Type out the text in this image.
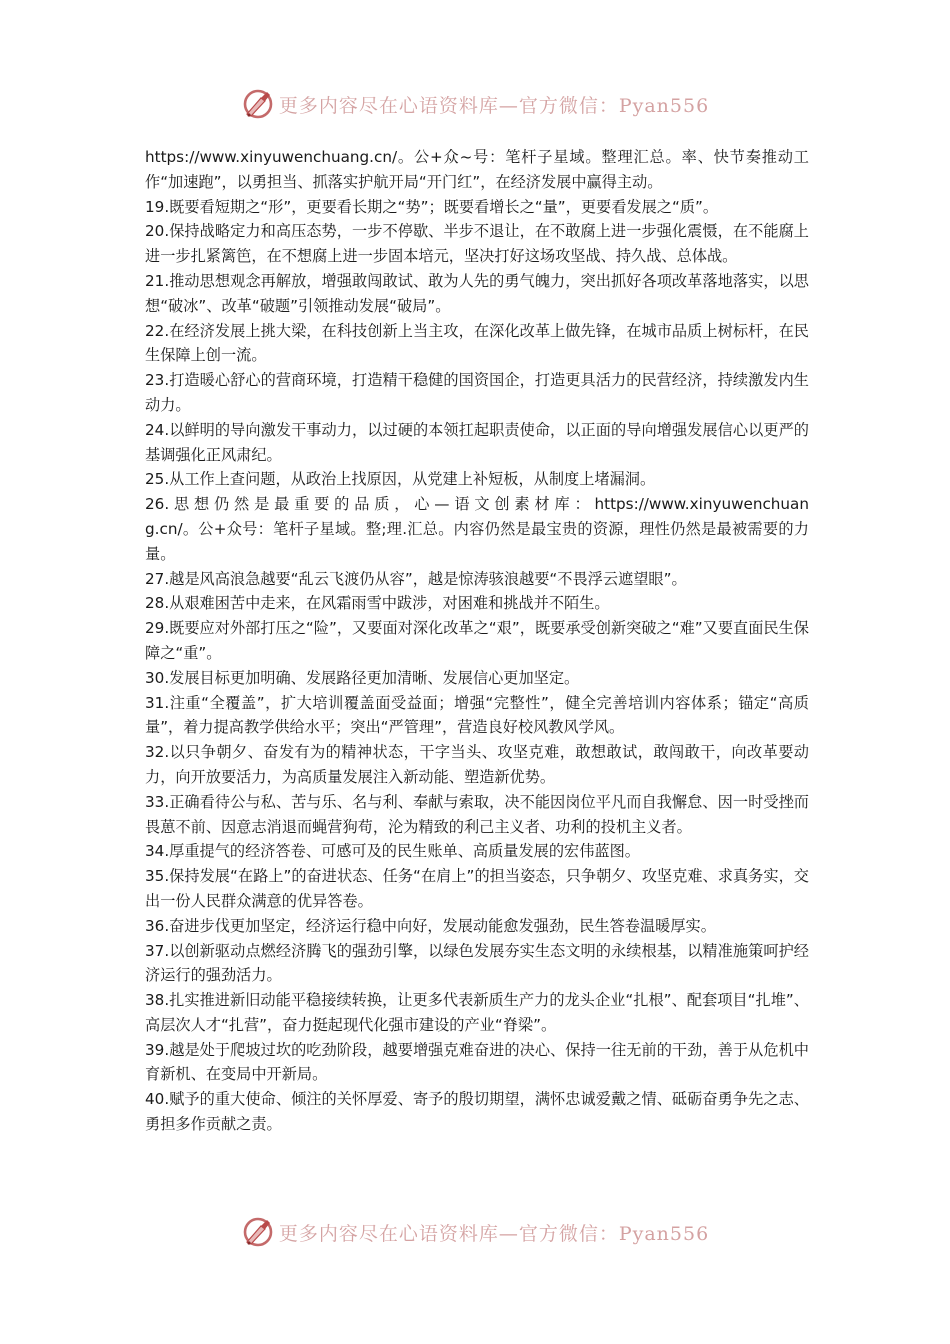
更多内容尽在心语资料库—官方微信：Pyan556

https://www.xinyuwenchuang.cn/。公+众~号：笔杆子星域。整理汇总。率、快节奏推动工作“加速跑”，以勇担当、抓落实护航开局“开门红”，在经济发展中赢得主动。

19.既要看短期之“形”，更要看长期之“势”；既要看增长之“量”，更要看发展之“质”。

20.保持战略定力和高压态势，一步不停歇、半步不退让，在不敢腐上进一步强化震慑，在不能腐上进一步扎紧篱笆，在不想腐上进一步固本培元，坚决打好这场攻坚战、持久战、总体战。

21.推动思想观念再解放，增强敢闯敢试、敢为人先的勇气魄力，突出抓好各项改革落地落实，以思想“破冰”、改革“破题”引领推动发展“破局”。

22.在经济发展上挑大梁，在科技创新上当主攻，在深化改革上做先锋，在城市品质上树标杆，在民生保障上创一流。

23.打造暖心舒心的营商环境，打造精干稳健的国资国企，打造更具活力的民营经济，持续激发内生动力。

24.以鲜明的导向激发干事动力，以过硬的本领扛起职责使命，以正面的导向增强发展信心以更严的基调强化正风肃纪。

25.从工作上查问题，从政治上找原因，从党建上补短板，从制度上堵漏洞。

26. 思 想 仍 然 是 最 重 要 的 品 质 ， 心 — 语 文 创 素 材 库 ： https://www.xinyuwenchuang.cn/。公+众号：笔杆子星域。整;理.汇总。内容仍然是最宝贵的资源，理性仍然是最被需要的力量。

27.越是风高浪急越要“乱云飞渡仍从容”，越是惊涛骇浪越要“不畏浮云遮望眼”。

28.从艰难困苦中走来，在风霜雨雪中跋涉，对困难和挑战并不陌生。

29.既要应对外部打压之“险”，又要面对深化改革之“艰”，既要承受创新突破之“难”又要直面民生保障之“重”。

30.发展目标更加明确、发展路径更加清晰、发展信心更加坚定。

31.注重“全覆盖”，扩大培训覆盖面受益面；增强“完整性”，健全完善培训内容体系；锚定“高质量”，着力提高教学供给水平；突出“严管理”，营造良好校风教风学风。

32.以只争朝夕、奋发有为的精神状态，干字当头、攻坚克难，敢想敢试，敢闯敢干，向改革要动力，向开放要活力，为高质量发展注入新动能、塑造新优势。

33.正确看待公与私、苦与乐、名与利、奉献与索取，决不能因岗位平凡而自我懈怠、因一时受挫而畏葸不前、因意志消退而蝇营狗苟，沦为精致的利己主义者、功利的投机主义者。

34.厚重提气的经济答卷、可感可及的民生账单、高质量发展的宏伟蓝图。

35.保持发展“在路上”的奋进状态、任务“在肩上”的担当姿态，只争朝夕、攻坚克难、求真务实，交出一份人民群众满意的优异答卷。

36.奋进步伐更加坚定，经济运行稳中向好，发展动能愈发强劲，民生答卷温暖厚实。

37.以创新驱动点燃经济腾飞的强劲引擎，以绿色发展夯实生态文明的永续根基，以精准施策呵护经济运行的强劲活力。

38.扎实推进新旧动能平稳接续转换，让更多代表新质生产力的龙头企业“扎根”、配套项目“扎堆”、高层次人才“扎营”，奋力挺起现代化强市建设的产业“脊梁”。

39.越是处于爬坡过坎的吃劲阶段，越要增强克难奋进的决心、保持一往无前的干劲，善于从危机中育新机、在变局中开新局。

40.赋予的重大使命、倾注的关怀厚爱、寄予的殷切期望，满怀忠诚爱戴之情、砥砺奋勇争先之志、勇担多作贡献之责。

更多内容尽在心语资料库—官方微信：Pyan556
